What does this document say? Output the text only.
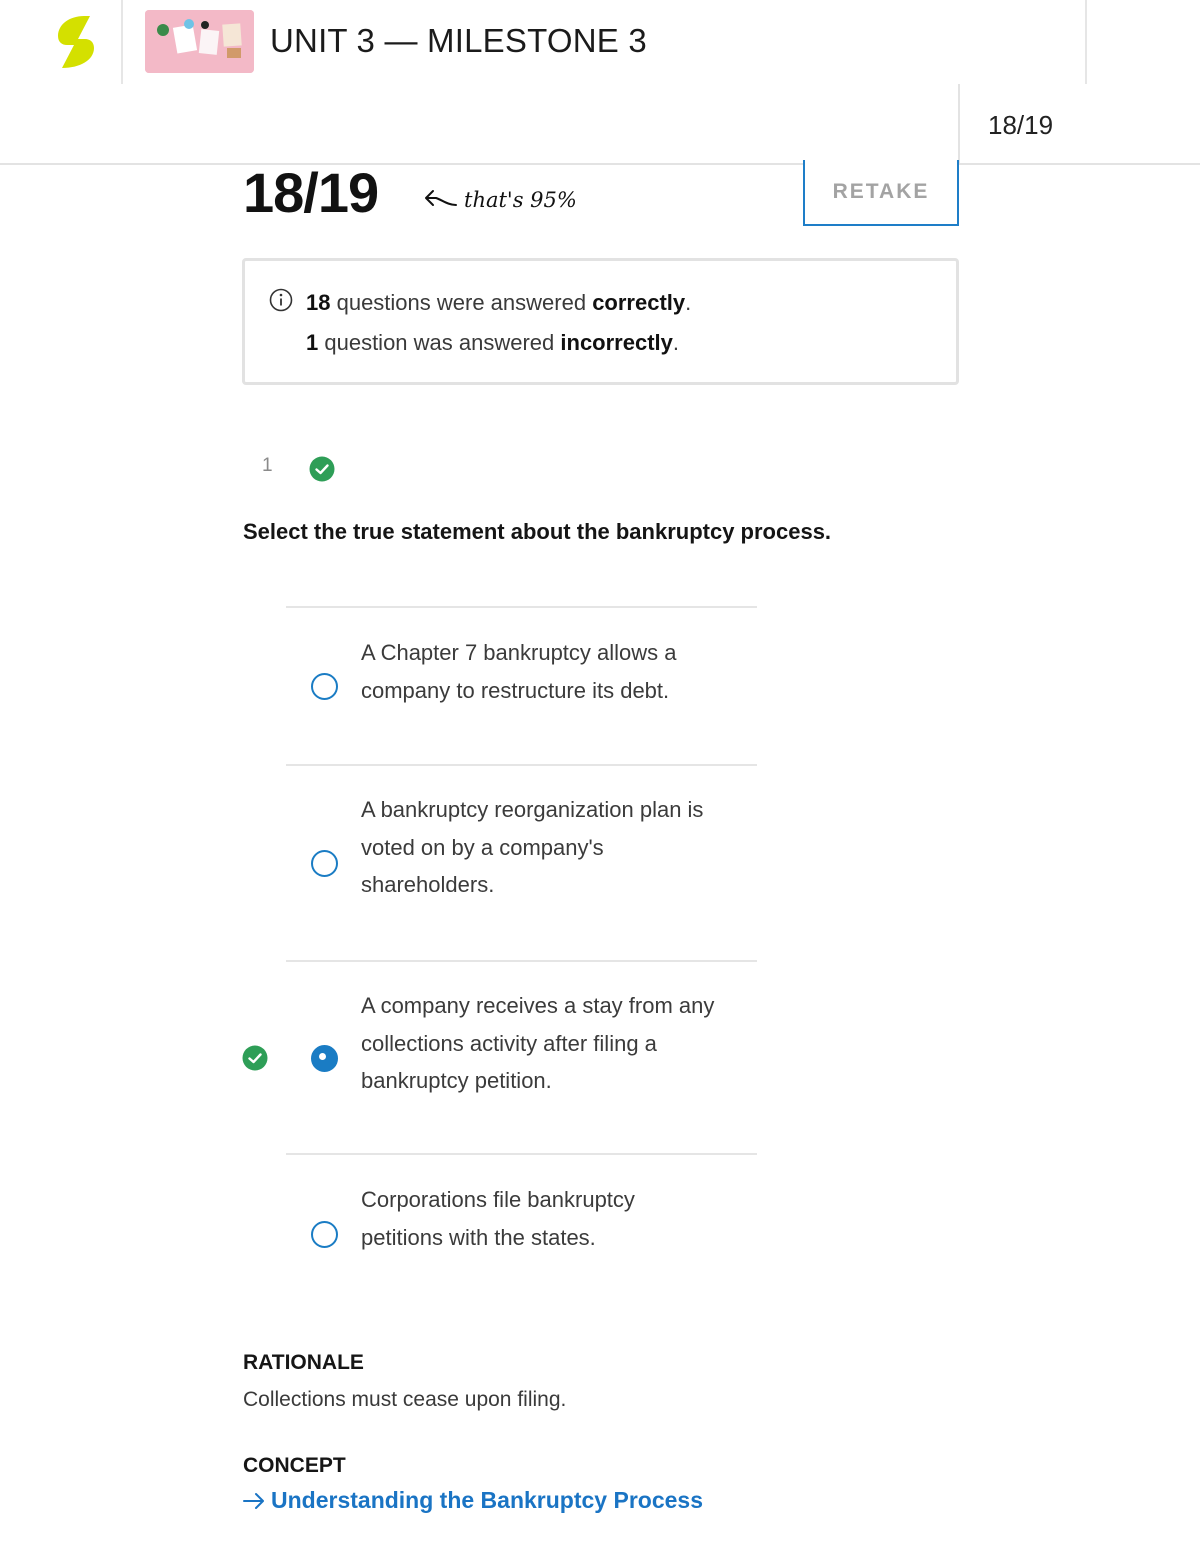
UNIT 3 — MILESTONE 3
18/19
18/19	that's 95%	RETAKE
18 questions were answered correctly.
1 question was answered incorrectly.
1
Select the true statement about the bankruptcy process.
A Chapter 7 bankruptcy allows a company to restructure its debt.
A bankruptcy reorganization plan is voted on by a company's shareholders.
A company receives a stay from any collections activity after filing a bankruptcy petition.
Corporations file bankruptcy petitions with the states.
RATIONALE
Collections must cease upon filing.
CONCEPT
Understanding the Bankruptcy Process
